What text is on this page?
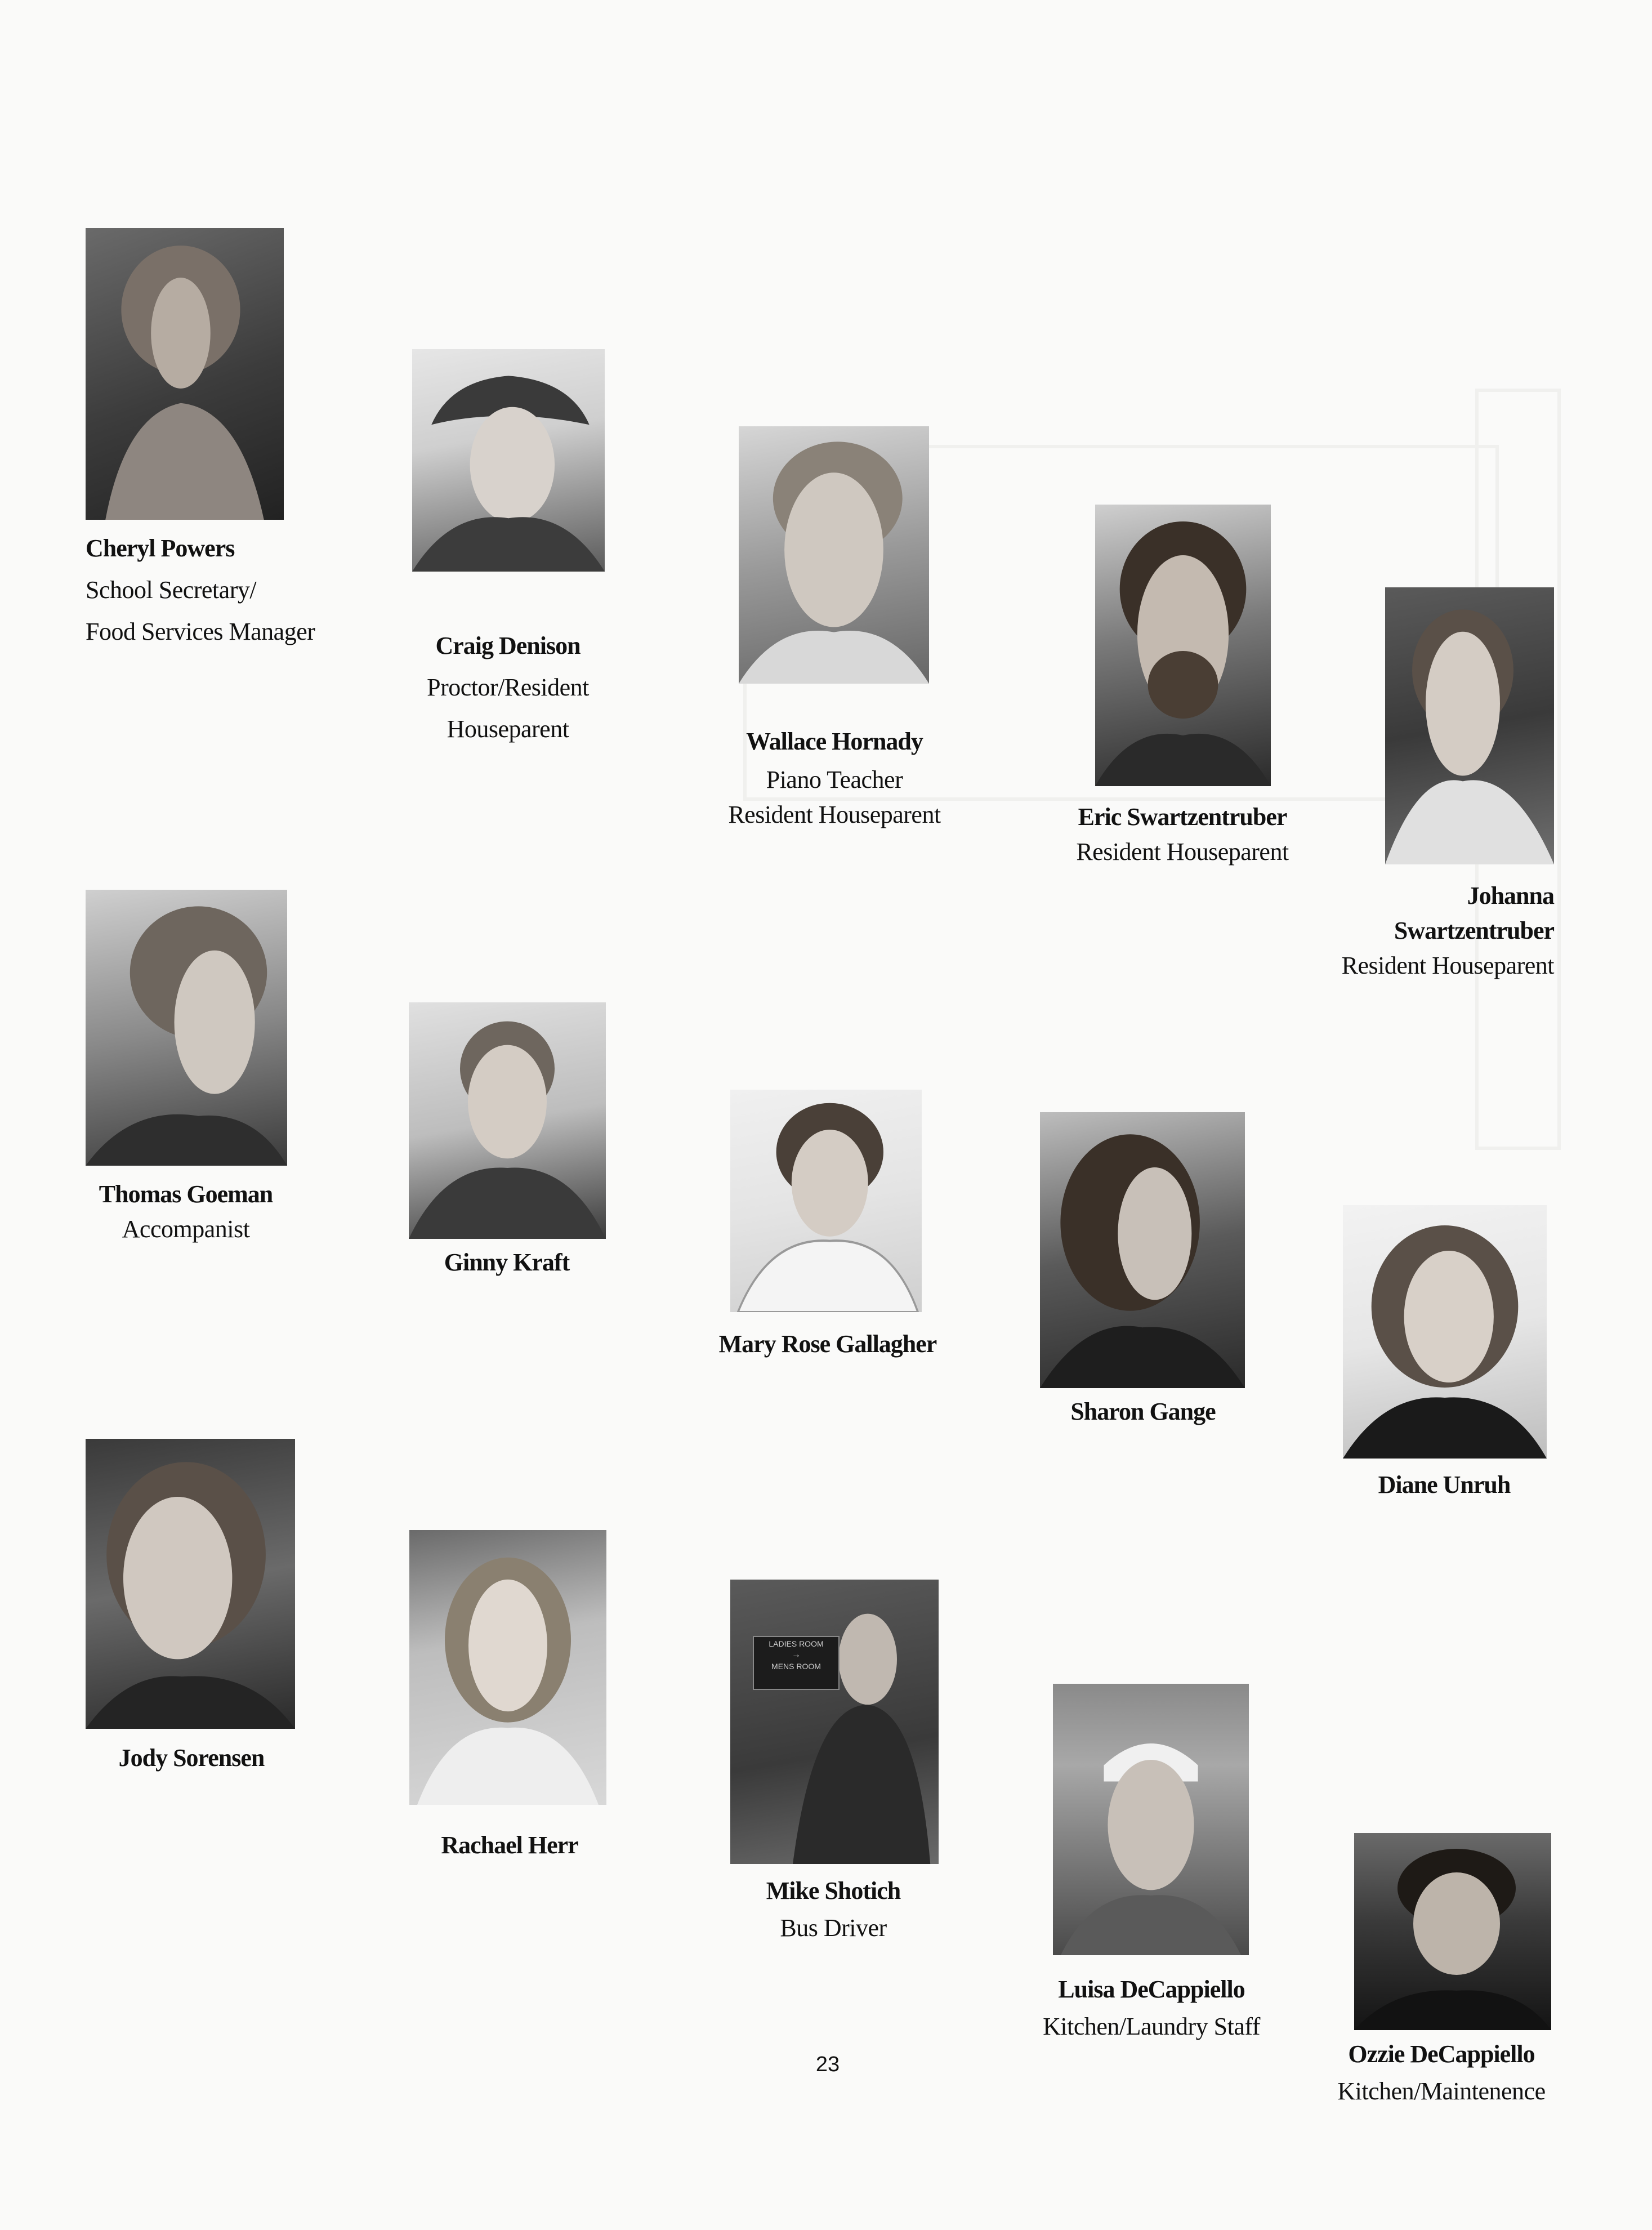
Cheryl Powers
School Secretary/
Food Services Manager
Craig Denison
Proctor/Resident
Houseparent	Wallace Hornady
Piano Teacher
Resident Houseparent	Eric Swartzentruber
Resident Houseparent
Johanna
Swartzentruber
Resident Houseparent
Thomas Goeman
Accompanist
Ginny Kraft
Mary Rose Gallagher
Sharon Gange
Diane Unruh
Jody Sorensen
Rachael Herr
LADIES ROOM
→
MENS ROOM
Mike Shotich
Bus Driver
Luisa DeCappiello
Kitchen/Laundry Staff
Ozzie DeCappiello
Kitchen/Maintenence
23
